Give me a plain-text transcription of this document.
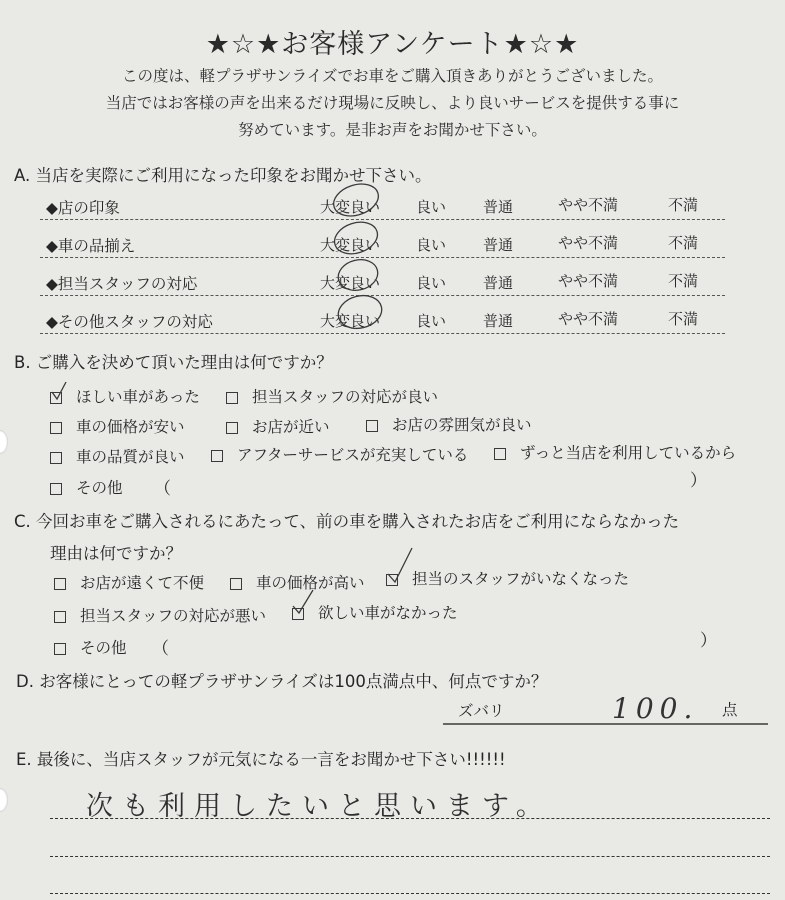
★☆★お客様アンケート★☆★
この度は、軽プラザサンライズでお車をご購入頂きありがとうございました。
当店ではお客様の声を出来るだけ現場に反映し、より良いサービスを提供する事に
努めています。是非お声をお聞かせ下さい。
A. 当店を実際にご利用になった印象をお聞かせ下さい。
◆店の印象	大変良い 良い 普通	やや不満	不満
◆車の品揃え	大変良い 良い 普通	やや不満	不満
◆担当スタッフの対応	大変良い 良い 普通	やや不満	不満
◆その他スタッフの対応	大変良い 良い 普通	やや不満	不満
B. ご購入を決めて頂いた理由は何ですか？
ほしい車があった	担当スタッフの対応が良い
車の価格が安い	お店が近い	お店の雰囲気が良い
車の品質が良い	アフターサービスが充実している	ずっと当店を利用しているから
その他 （	）
C. 今回お車をご購入されるにあたって、前の車を購入されたお店をご利用にならなかった
理由は何ですか？
お店が遠くて不便	車の価格が高い	担当のスタッフがいなくなった
担当スタッフの対応が悪い	欲しい車がなかった
その他 （	）
D. お客様にとっての軽プラザサンライズは100点満点中、何点ですか？
ズバリ	100. 点
E. 最後に、当店スタッフが元気になる一言をお聞かせ下さい!!!!!!
次も利用したいと思います。
